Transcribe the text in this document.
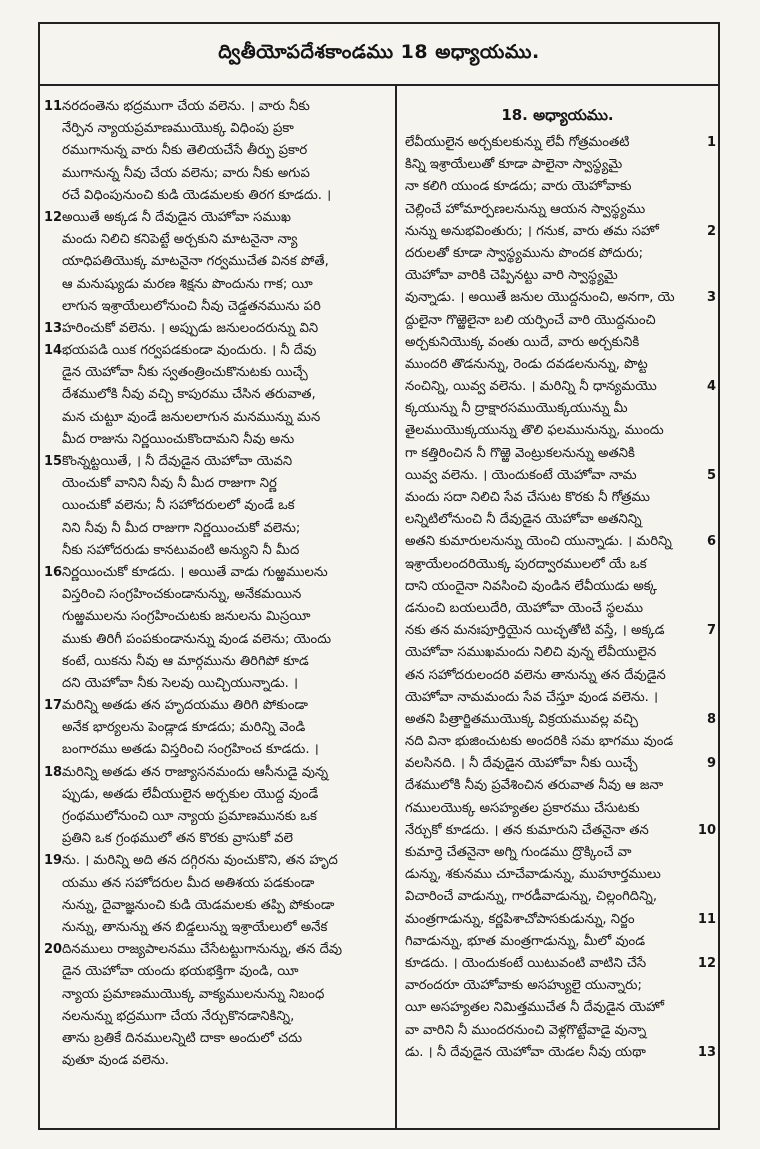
ద్వితీయోపదేశకాండము 18 అధ్యాయము.
11 నరదంతెను భద్రముగా చేయ వలెను. । వారు నీకు
నేర్పిన న్యాయప్రమాణముయొక్క విధింపు ప్రకా
రముగానున్న వారు నీకు తెలియచేసే తీర్పు ప్రకార
ముగానున్న నీవు చేయ వలెను; వారు నీకు అగుప
రచే విధింపునుంచి కుడి యెడమలకు తిరగ కూడదు. ।
12 అయితే అక్కడ నీ దేవుడైన యెహోవా సముఖ
మందు నిలిచి కనిపెట్టే అర్చకుని మాటనైనా న్యా
యాధిపతియొక్క మాటనైనా గర్వముచేత వినక పోతే,
ఆ మనుష్యుడు మరణ శిక్షను పొందును గాక; యీ
లాగున ఇశ్రాయేలులోనుంచి నీవు చెడ్డతనమును పరి
13 హరించుకో వలెను. । అప్పుడు జనులందరున్ను విని
14 భయపడి యిక గర్వపడకుండా వుందురు. । నీ దేవు
డైన యెహోవా నీకు స్వతంత్రించుకొనుటకు యిచ్చే
దేశములోకి నీవు వచ్చి కాపురము చేసిన తరువాత,
మన చుట్టూ వుండే జనులలాగున మనమున్ను మన
మీద రాజును నిర్ణయించుకొందామని నీవు అను
15 కొంన్నట్టయితే, । నీ దేవుడైన యెహోవా యెవని
యెంచుకో వానిని నీవు నీ మీద రాజుగా నిర్ణ
యించుకో వలెను; నీ సహోదరులలో వుండే ఒక
నిని నీవు నీ మీద రాజుగా నిర్ణయించుకో వలెను;
నీకు సహోదరుడు కానటువంటి అన్యుని నీ మీద
16 నిర్ణయించుకో కూడదు. । అయితే వాడు గుఱ్ఱములను
విస్తరించి సంగ్రహించకుండానున్ను, అనేకమయిన
గుఱ్ఱములను సంగ్రహించుటకు జనులను మిస్రయీ
ముకు తిరిగీ పంపకుండానున్ను వుండ వలెను; యెందు
కంటే, యికను నీవు ఆ మార్గమును తిరిగిపో కూడ
దని యెహోవా నీకు సెలవు యిచ్చియున్నాడు. ।
17 మరిన్ని అతడు తన హృదయము తిరిగి పోకుండా
అనేక భార్యలను పెండ్లాడ కూడదు; మరిన్ని వెండి
బంగారము అతడు విస్తరించి సంగ్రహించ కూడదు. ।
18 మరిన్ని అతడు తన రాజ్యాసనమందు ఆసీనుడై వున్న
ప్పుడు, అతడు లేవీయులైన అర్చకుల యొద్ద వుండే
గ్రంథములోనుంచి యీ న్యాయ ప్రమాణమునకు ఒక
ప్రతిని ఒక గ్రంథములో తన కొరకు వ్రాసుకో వలె
19 ను. । మరిన్ని అది తన దగ్గిరను వుంచుకొని, తన హృద
యము తన సహోదరుల మీద అతిశయ పడకుండా
నున్ను, దైవాజ్ఞనుంచి కుడి యెడమలకు తప్పి పోకుండా
నున్ను, తానున్ను తన బిడ్డలున్ను ఇశ్రాయేలులో అనేక
20 దినములు రాజ్యపాలనము చేసేటట్టుగానున్ను, తన దేవు
డైన యెహోవా యందు భయభక్తిగా వుండి, యీ
న్యాయ ప్రమాణముయొక్క వాక్యములనున్ను నిబంధ
నలనున్ను భద్రముగా చేయ నేర్చుకొనడానికిన్ని,
తాను బ్రతికే దినములన్నిటి దాకా అందులో చదు
వుతూ వుండ వలెను.
18. అధ్యాయము.
1
లేవీయులైన అర్చకులకున్ను లేవీ గోత్రమంతటి
కిన్ని ఇశ్రాయేలుతో కూడా పాలైనా స్వాస్థ్యమై
నా కలిగి యుండ కూడదు; వారు యెహోవాకు
చెల్లించే హోమార్పణలనున్ను ఆయన స్వాస్థ్యము
2
నున్ను అనుభవింతురు; । గనుక, వారు తమ సహో
దరులతో కూడా స్వాస్థ్యమును పొందక పోదురు;
యెహోవా వారికి చెప్పినట్టు వారి స్వాస్థ్యమై
3
వున్నాడు. । అయితే జనుల యొద్దనుంచి, అనగా, యె
ద్దులైనా గొఱ్ఱెలైనా బలి యర్పించే వారి యొద్దనుంచి
అర్చకునియొక్క వంతు యిదే, వారు అర్చకునికి
ముందరి తొడనున్ను, రెండు దవడలనున్ను, పొట్ట
4
నంచిన్ని, యివ్వ వలెను. । మరిన్ని నీ ధాన్యమయొ
క్కయున్ను నీ ద్రాక్షారసముయొక్కయున్ను మీ
తైలముయొక్కయున్ను తొలి ఫలమునున్ను, ముందు
గా కత్తిరించిన నీ గొఱ్ఱె వెంట్రుకలనున్ను అతనికి
5
యివ్వ వలెను. । యెందుకంటే యెహోవా నామ
మందు సదా నిలిచి సేవ చేసుట కొరకు నీ గోత్రము
లన్నిటిలోనుంచి నీ దేవుడైన యెహోవా అతనిన్ని
6
అతని కుమారులనున్ను యెంచి యున్నాడు. । మరిన్ని
ఇశ్రాయేలందరియొక్క పురద్వారములలో యే ఒక
దాని యందైనా నివసించి వుండిన లేవీయుడు అక్క
డనుంచి బయలుదేరి, యెహోవా యెంచే స్థలము
7
నకు తన మనఃపూర్తియైన యిచ్ఛతోటి వస్తే, । అక్కడ
యెహోవా సముఖమందు నిలిచి వున్న లేవీయులైన
తన సహోదరులందరి వలెను తానున్ను తన దేవుడైన
యెహోవా నామమందు సేవ చేస్తూ వుండ వలెను. ।
8
అతని పిత్రార్జితముయొక్క విక్రయమువల్ల వచ్చి
నది వినా భుజించుటకు అందరికి సమ భాగము వుండ
9
వలసినది. । నీ దేవుడైన యెహోవా నీకు యిచ్చే
దేశములోకి నీవు ప్రవేశించిన తరువాత నీవు ఆ జనా
గములయొక్క అసహ్యతల ప్రకారము చేసుటకు
10
నేర్చుకో కూడదు. । తన కుమారుని చేతనైనా తన
కుమార్తె చేతనైనా అగ్ని గుండము ద్రొక్కించే వా
డున్ను, శకునము చూచేవాడున్ను, ముహూర్తములు
విచారించే వాడున్ను, గారడీవాడున్ను, చిల్లంగిదిన్ని,
11
మంత్రగాడున్ను, కర్ణపిశాచోపాసకుడున్ను, నిర్జం
గివాడున్ను, భూత మంత్రగాడున్ను, మీలో వుండ
12
కూడదు. । యెందుకంటే యిటువంటి వాటిని చేసే
వారందరూ యెహోవాకు అసహ్యులై యున్నారు;
యీ అసహ్యతల నిమిత్తముచేత నీ దేవుడైన యెహో
వా వారిని నీ ముందరనుంచి వెళ్లగొట్టేవాడై వున్నా
13
డు. । నీ దేవుడైన యెహోవా యెడల నీవు యథా
